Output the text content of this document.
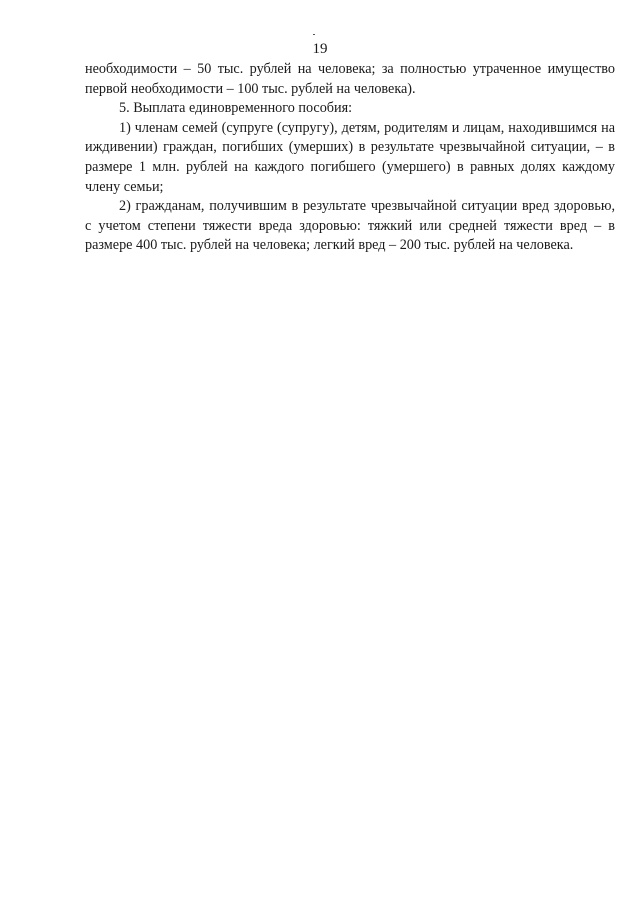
19

необходимости – 50 тыс. рублей на человека; за полностью утраченное имущество первой необходимости – 100 тыс. рублей на человека).

5. Выплата единовременного пособия:

1) членам семей (супруге (супругу), детям, родителям и лицам, находившимся на иждивении) граждан, погибших (умерших) в результате чрезвычайной ситуации, – в размере 1 млн. рублей на каждого погибшего (умершего) в равных долях каждому члену семьи;

2) гражданам, получившим в результате чрезвычайной ситуации вред здоровью, с учетом степени тяжести вреда здоровью: тяжкий или средней тяжести вред – в размере 400 тыс. рублей на человека; легкий вред – 200 тыс. рублей на человека.
